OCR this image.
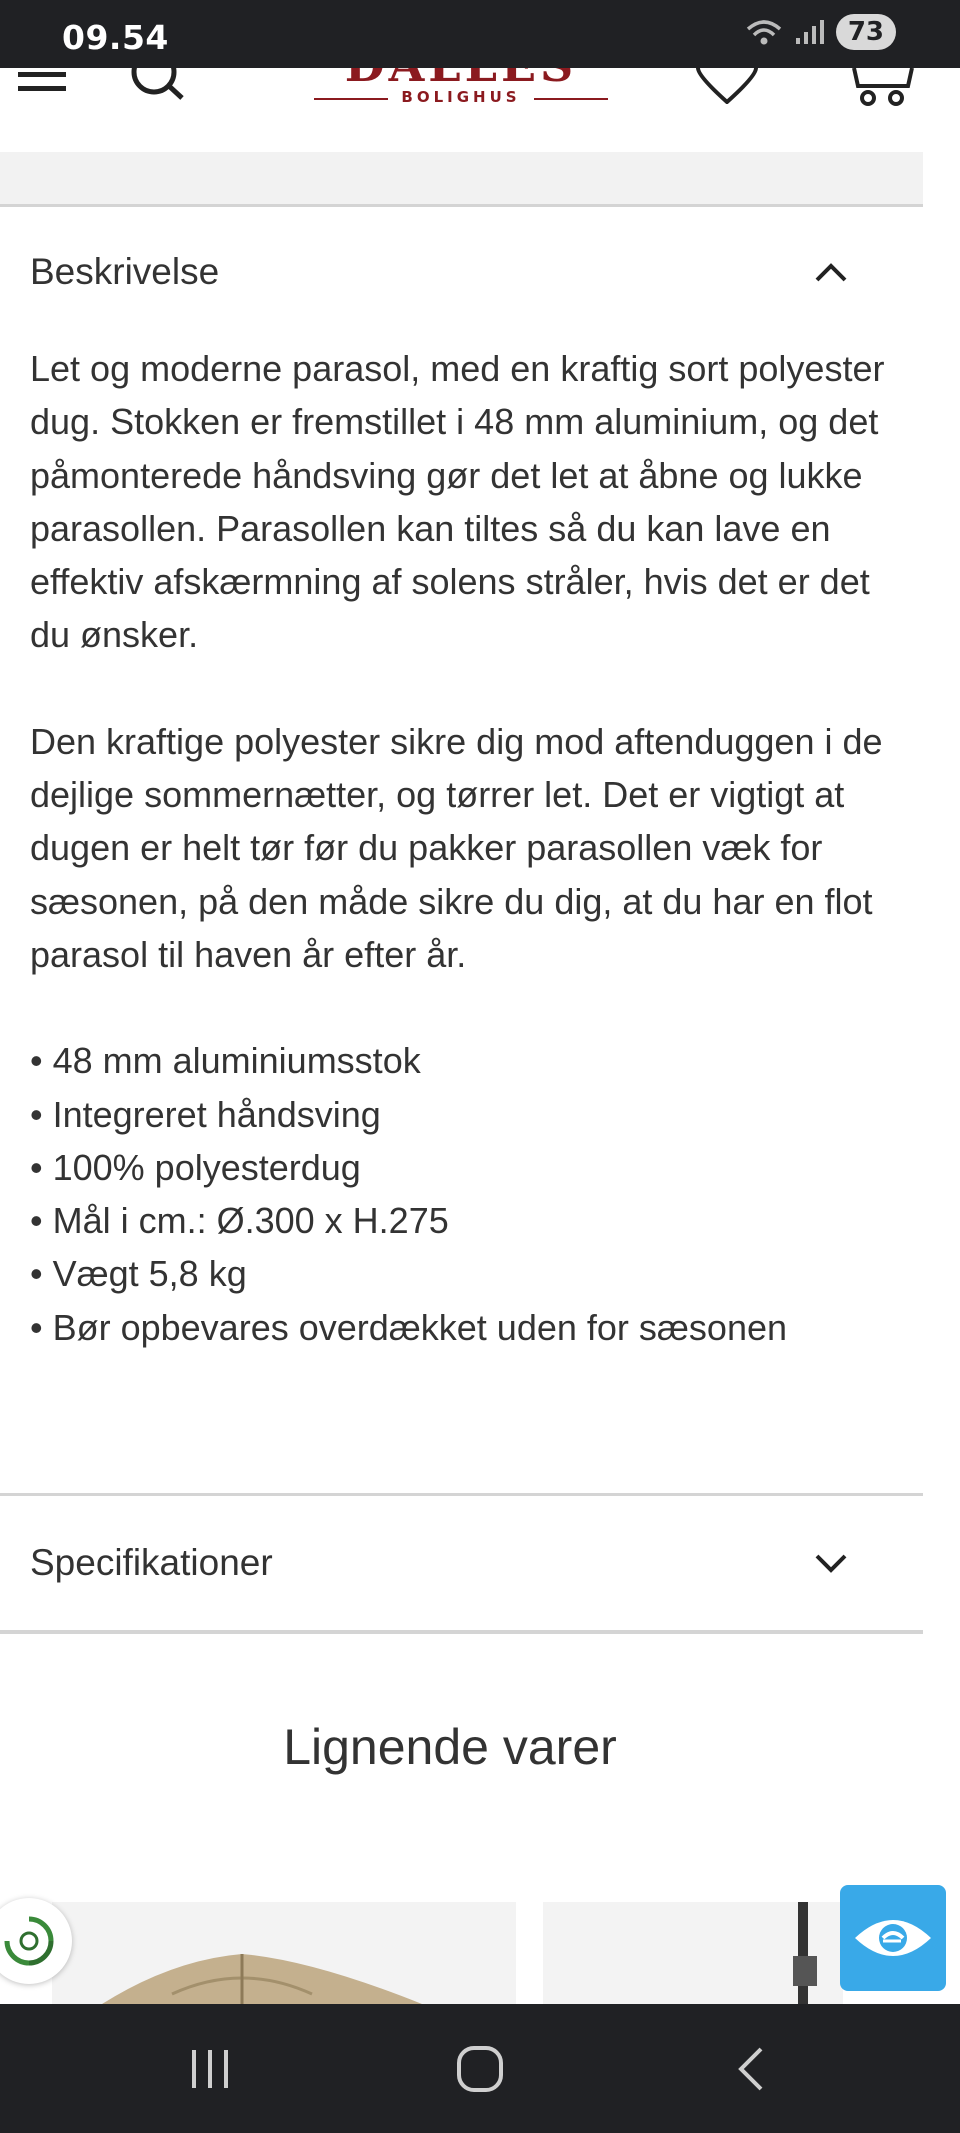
09.54	73
BOLIGHUS
Beskrivelse

Let og moderne parasol, med en kraftig sort polyester dug. Stokken er fremstillet i 48 mm aluminium, og det påmonterede håndsving gør det let at åbne og lukke parasollen. Parasollen kan tiltes så du kan lave en effektiv afskærmning af solens stråler, hvis det er det du ønsker.

Den kraftige polyester sikre dig mod aftenduggen i de dejlige sommernætter, og tørrer let. Det er vigtigt at dugen er helt tør før du pakker parasollen væk for sæsonen, på den måde sikre du dig, at du har en flot parasol til haven år efter år.

• 48 mm aluminiumsstok

• Integreret håndsving

• 100% polyesterdug

• Mål i cm.: Ø.300 x H.275

• Vægt 5,8 kg

• Bør opbevares overdækket uden for sæsonen

Specifikationer
Lignende varer
